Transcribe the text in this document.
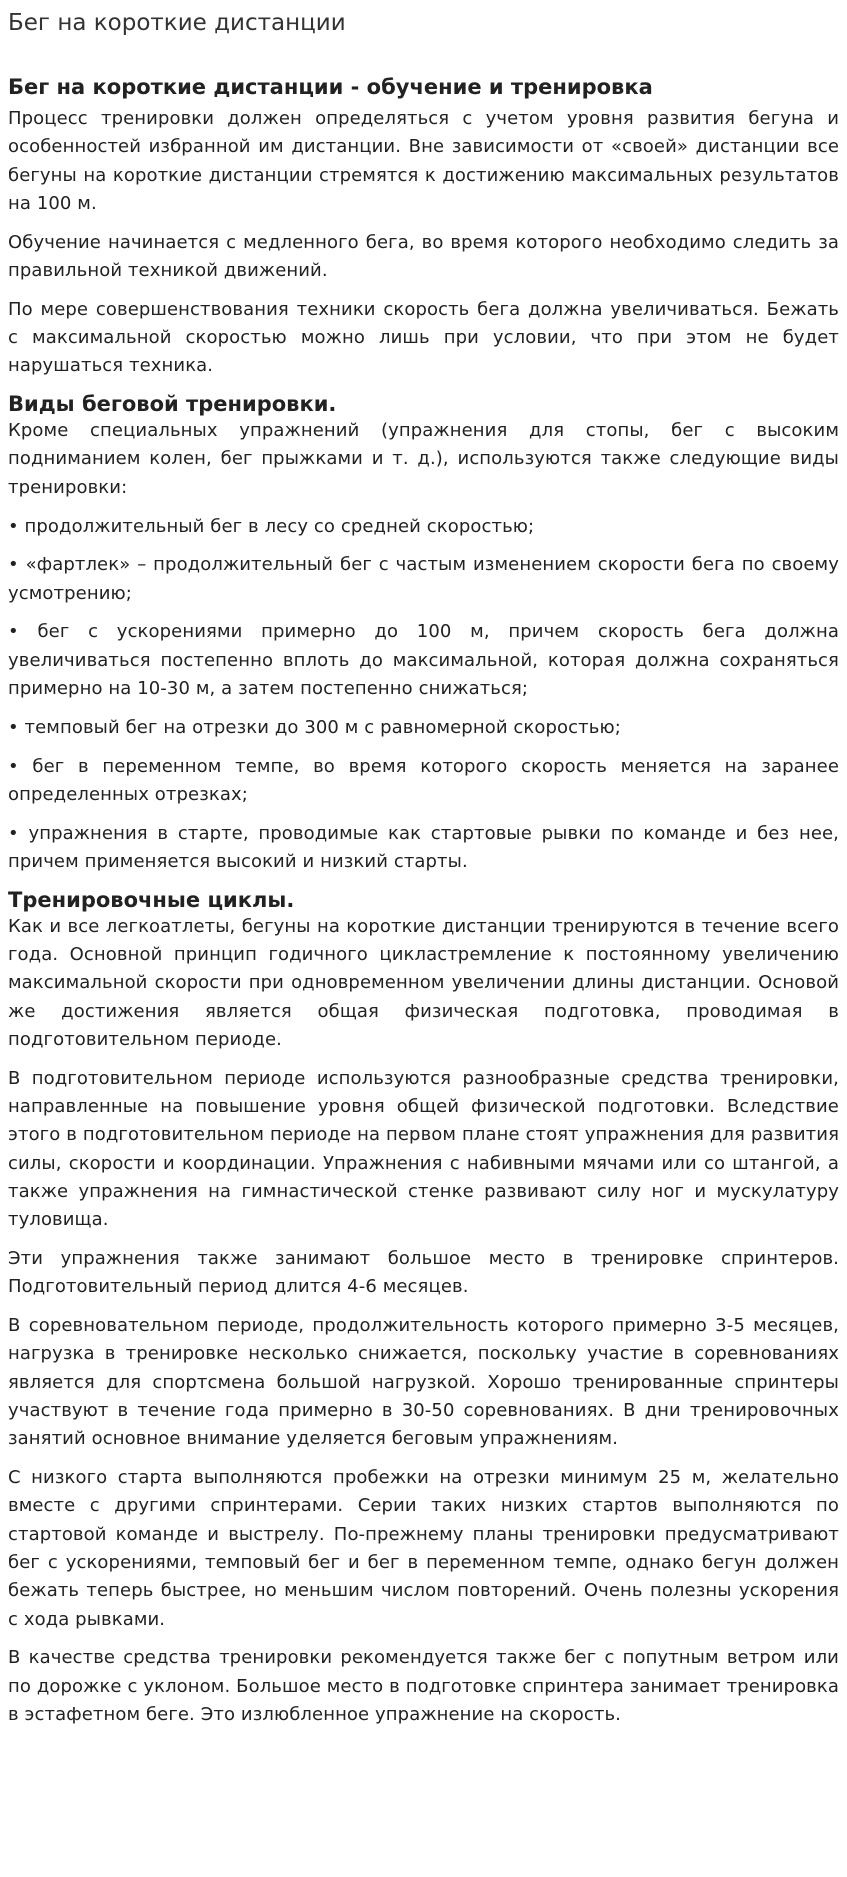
Бег на короткие дистанции
Бег на короткие дистанции - обучение и тренировка

Процесс тренировки должен определяться с учетом уровня развития бегуна и особенностей избранной им дистанции. Вне зависимости от «своей» дистанции все бегуны на короткие дистанции стремятся к достижению максимальных результатов на 100 м.

Обучение начинается с медленного бега, во время которого необходимо следить за правильной техникой движений.

По мере совершенствования техники скорость бега должна увеличиваться. Бежать с максимальной скоростью можно лишь при условии, что при этом не будет нарушаться техника.

Виды беговой тренировки.

Кроме специальных упражнений (упражнения для стопы, бег с высоким подниманием колен, бег прыжками и т. д.), используются также следующие виды тренировки:

• продолжительный бег в лесу со средней скоростью;

• «фартлек» – продолжительный бег с частым изменением скорости бега по своему усмотрению;

• бег с ускорениями примерно до 100 м, причем скорость бега должна увеличиваться постепенно вплоть до максимальной, которая должна сохраняться примерно на 10-30 м, а затем постепенно снижаться;

• темповый бег на отрезки до 300 м с равномерной скоростью;

• бег в переменном темпе, во время которого скорость меняется на заранее определенных отрезках;

• упражнения в старте, проводимые как стартовые рывки по команде и без нее, причем применяется высокий и низкий старты.

Тренировочные циклы.

Как и все легкоатлеты, бегуны на короткие дистанции тренируются в течение всего года. Основной принцип годичного цикластремление к постоянному увеличению максимальной скорости при одновременном увеличении длины дистанции. Основой же достижения является общая физическая подготовка, проводимая в подготовительном периоде.

В подготовительном периоде используются разнообразные средства тренировки, направленные на повышение уровня общей физической подготовки. Вследствие этого в подготовительном периоде на первом плане стоят упражнения для развития силы, скорости и координации. Упражнения с набивными мячами или со штангой, а также упражнения на гимнастической стенке развивают силу ног и мускулатуру туловища.

Эти упражнения также занимают большое место в тренировке спринтеров. Подготовительный период длится 4-6 месяцев.

В соревновательном периоде, продолжительность которого примерно 3-5 месяцев, нагрузка в тренировке несколько снижается, поскольку участие в соревнованиях является для спортсмена большой нагрузкой. Хорошо тренированные спринтеры участвуют в течение года примерно в 30-50 соревнованиях. В дни тренировочных занятий основное внимание уделяется беговым упражнениям.

С низкого старта выполняются пробежки на отрезки минимум 25 м, желательно вместе с другими спринтерами. Серии таких низких стартов выполняются по стартовой команде и выстрелу. По-прежнему планы тренировки предусматривают бег с ускорениями, темповый бег и бег в переменном темпе, однако бегун должен бежать теперь быстрее, но меньшим числом повторений. Очень полезны ускорения с хода рывками.

В качестве средства тренировки рекомендуется также бег с попутным ветром или по дорожке с уклоном. Большое место в подготовке спринтера занимает тренировка в эстафетном беге. Это излюбленное упражнение на скорость.
